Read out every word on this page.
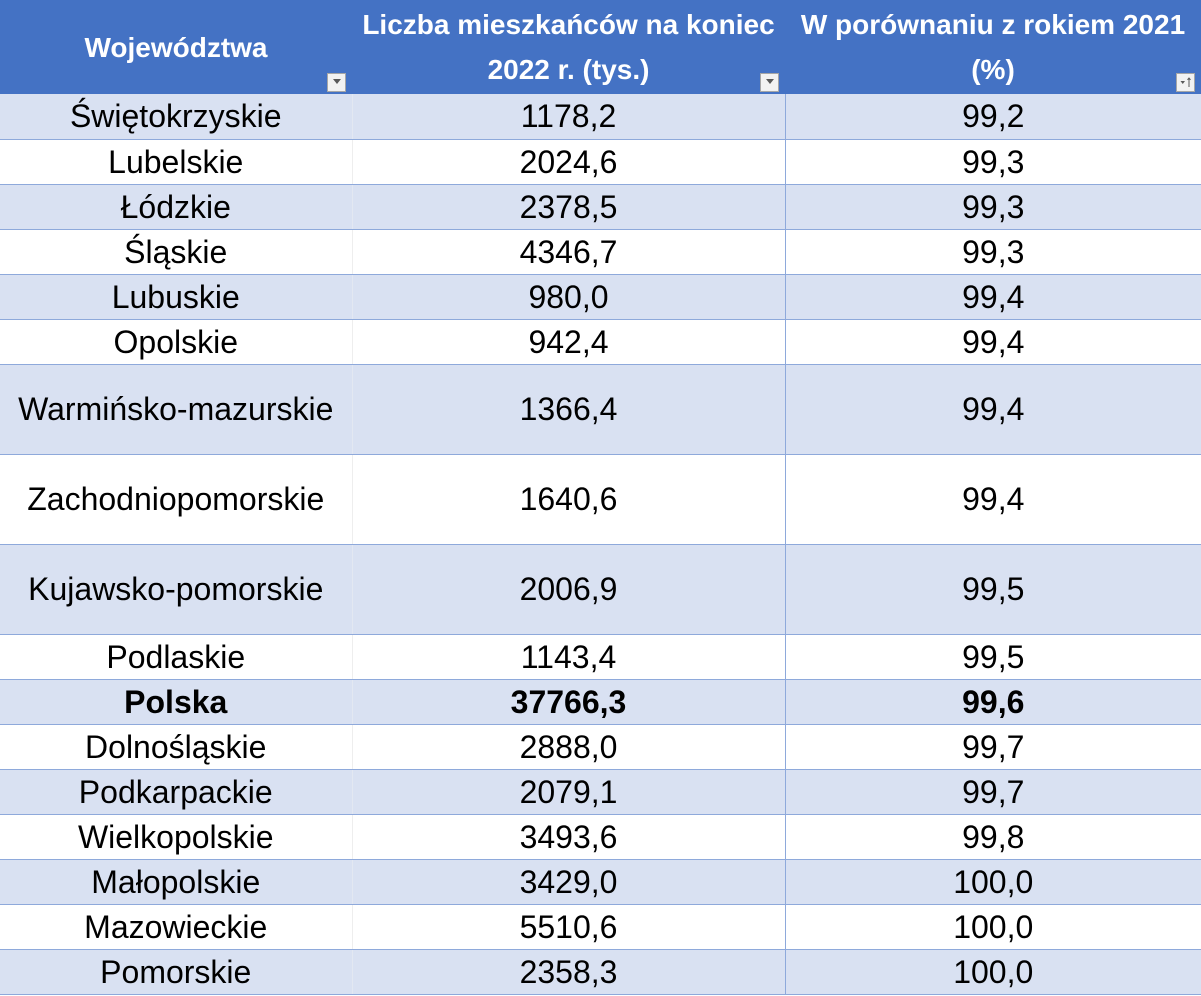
Województwa	Liczba mieszkańców na koniec 2022 r. (tys.)	W porównaniu z rokiem 2021 (%)

Świętokrzyskie	1178,2	99,2
Lubelskie	2024,6	99,3
Łódzkie	2378,5	99,3
Śląskie	4346,7	99,3
Lubuskie	980,0	99,4
Opolskie	942,4	99,4
Warmińsko-mazurskie	1366,4	99,4
Zachodniopomorskie	1640,6	99,4
Kujawsko-pomorskie	2006,9	99,5
Podlaskie	1143,4	99,5
Polska	37766,3	99,6
Dolnośląskie	2888,0	99,7
Podkarpackie	2079,1	99,7
Wielkopolskie	3493,6	99,8
Małopolskie	3429,0	100,0
Mazowieckie	5510,6	100,0
Pomorskie	2358,3	100,0
